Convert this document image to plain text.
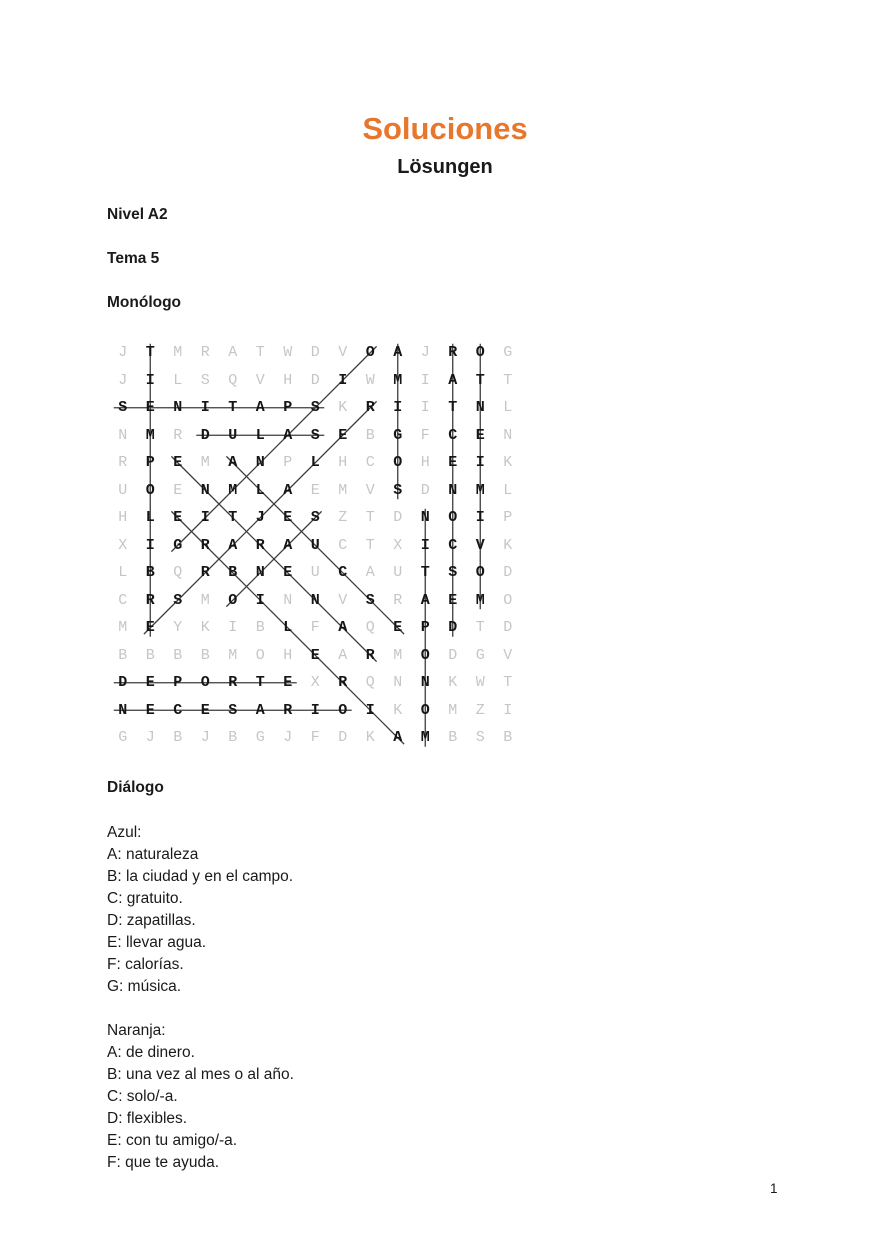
Soluciones
Lösungen
Nivel A2
Tema 5
Monólogo
J	T	M	R	A	T	W	D	V	O	A	J	R	O	G
J	I	L	S	Q	V	H	D	I	W	M	I	A	T	T
S	E	N	I	T	A	P	S	K	R	I	I	T	N	L
N	M	R	D	U	L	A	S	E	B	G	F	C	E	N
R	P	E	M	A	N	P	L	H	C	O	H	E	I	K
U	O	E	N	M	L	A	E	M	V	S	D	N	M	L
H	L	E	I	T	J	E	S	Z	T	D	N	O	I	P
X	I	G	R	A	R	A	U	C	T	X	I	C	V	K
L	B	Q	R	B	N	E	U	C	A	U	T	S	O	D
C	R	S	M	O	I	N	N	V	S	R	A	E	M	O
M	E	Y	K	I	B	L	F	A	Q	E	P	D	T	D
B	B	B	B	M	O	H	E	A	R	M	O	D	G	V
D	E	P	O	R	T	E	X	R	Q	N	N	K	W	T
N	E	C	E	S	A	R	I	O	I	K	O	M	Z	I
G	J	B	J	B	G	J	F	D	K	A	M	B	S	B
Diálogo
Azul:
A: naturaleza
B: la ciudad y en el campo.
C: gratuito.
D: zapatillas.
E: llevar agua.
F: calorías.
G: música.
Naranja:
A: de dinero.
B: una vez al mes o al año.
C: solo/-a.
D: flexibles.
E: con tu amigo/-a.
F: que te ayuda.
1
